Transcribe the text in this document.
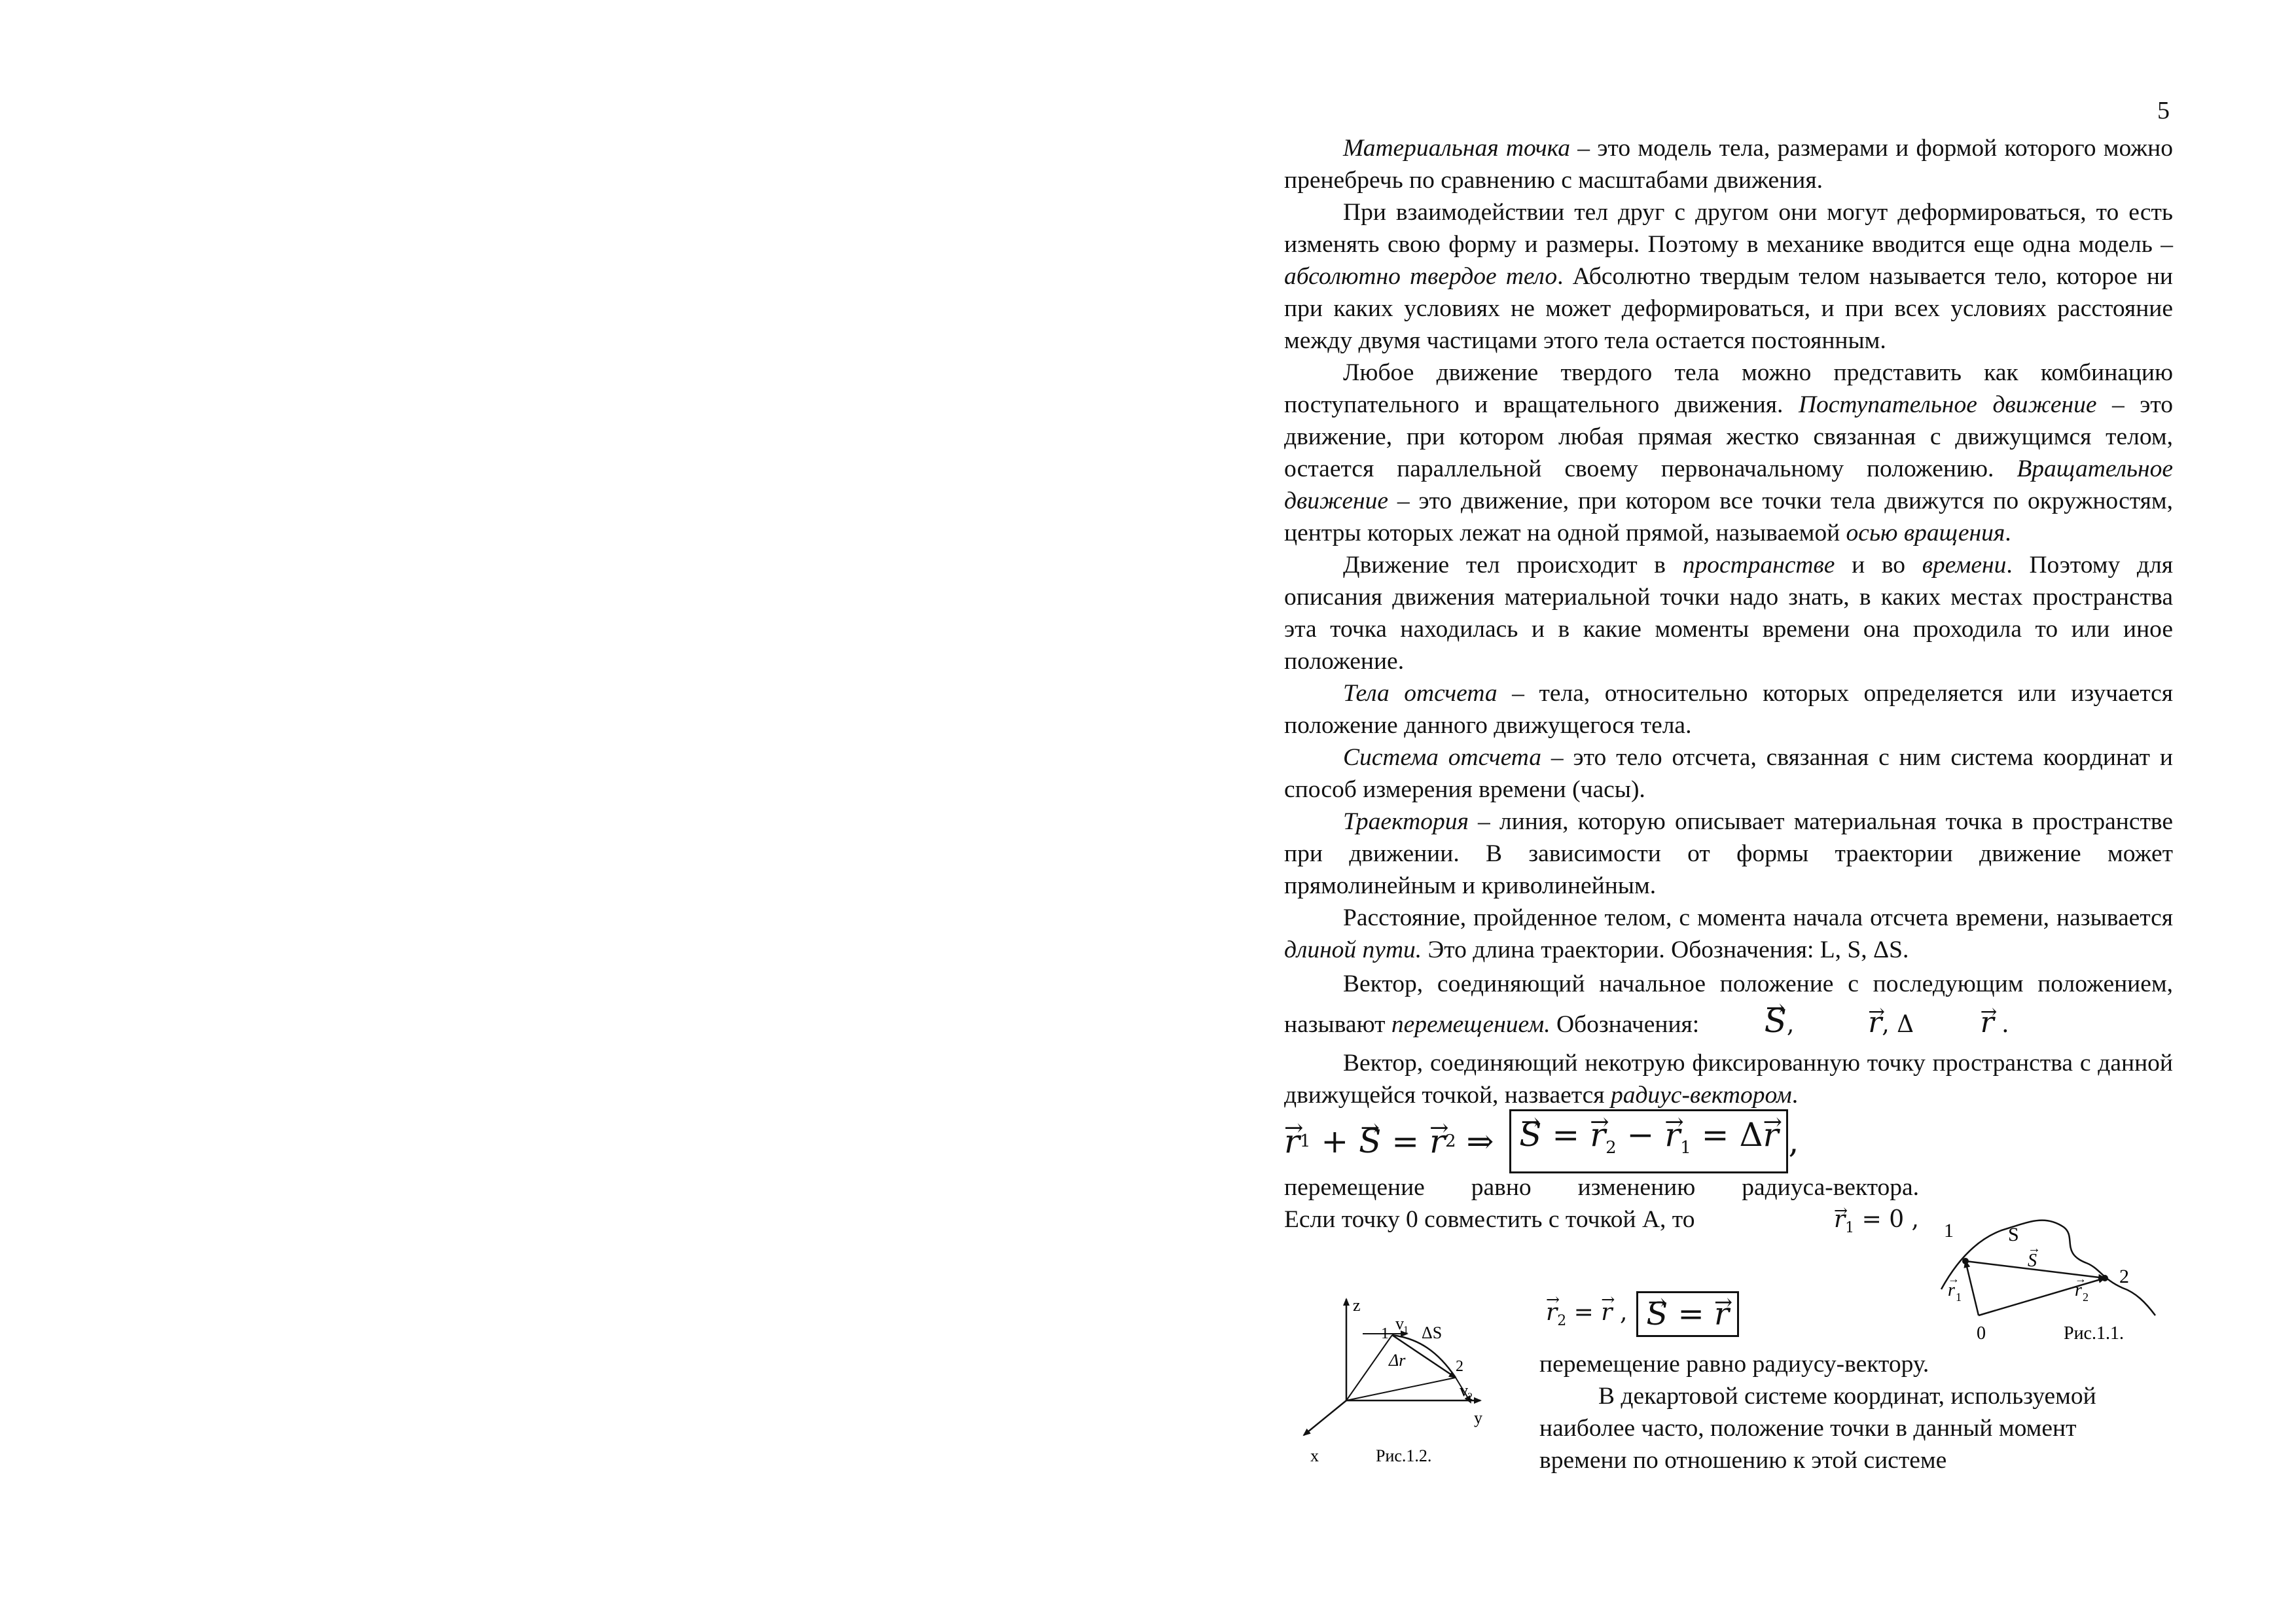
5

Материальная точка – это модель тела, размерами и формой которого можно пренебречь по сравнению с масштабами движения.

При взаимодействии тел друг с другом они могут деформироваться, то есть изменять свою форму и размеры. Поэтому в механике вводится еще одна модель – абсолютно твердое тело. Абсолютно твердым телом называется тело, которое ни при каких условиях не может деформироваться, и при всех условиях расстояние между двумя частицами этого тела остается постоянным.

Любое движение твердого тела можно представить как комбинацию поступательного и вращательного движения. Поступательное движение – это движение, при котором любая прямая жестко связанная с движущимся телом, остается параллельной своему первоначальному положению. Вращательное движение – это движение, при котором все точки тела движутся по окружностям, центры которых лежат на одной прямой, называемой осью вращения.

Движение тел происходит в пространстве и во времени. Поэтому для описания движения материальной точки надо знать, в каких местах пространства эта точка находилась и в какие моменты времени она проходила то или иное положение.

Тела отсчета – тела, относительно которых определяется или изучается положение данного движущегося тела.

Система отсчета – это тело отсчета, связанная с ним система координат и способ измерения времени (часы).

Траектория – линия, которую описывает материальная точка в пространстве при движении. В зависимости от формы траектории движение может прямолинейным и криволинейным.

Расстояние, пройденное телом, с момента начала отсчета времени, называется длиной пути. Это длина траектории. Обозначения: L, S, ΔS.

Вектор, соединяющий начальное положение с последующим положением, называют перемещением. Обозначения: → S,	→ r, Δ → r .

Вектор, соединяющий некотрую фиксированную точку пространства с данной движущейся точкой, назвается радиус-вектором.

→ r 1 + → S = → r 2 ⇒ → S = → $r_2$ − → $r_1 = \Delta\to r$ ,
перемещение равно изменению радиуса-вектора.
Если точку 0 совместить с точкой А, то	→ $r_1 = 0$ ,
→ $r_2$ = → r , → S = → r

перемещение равно радиусу-вектору.

В декартовой системе координат, используемой

наиболее часто, положение точки в данный момент

времени по отношению к этой системе

1
2
0
S
S
→
r 1
→
r 2
→
Рис.1.1.
z
x
y
1
2
v 1
v 2
ΔS
Δr
Рис.1.2.
